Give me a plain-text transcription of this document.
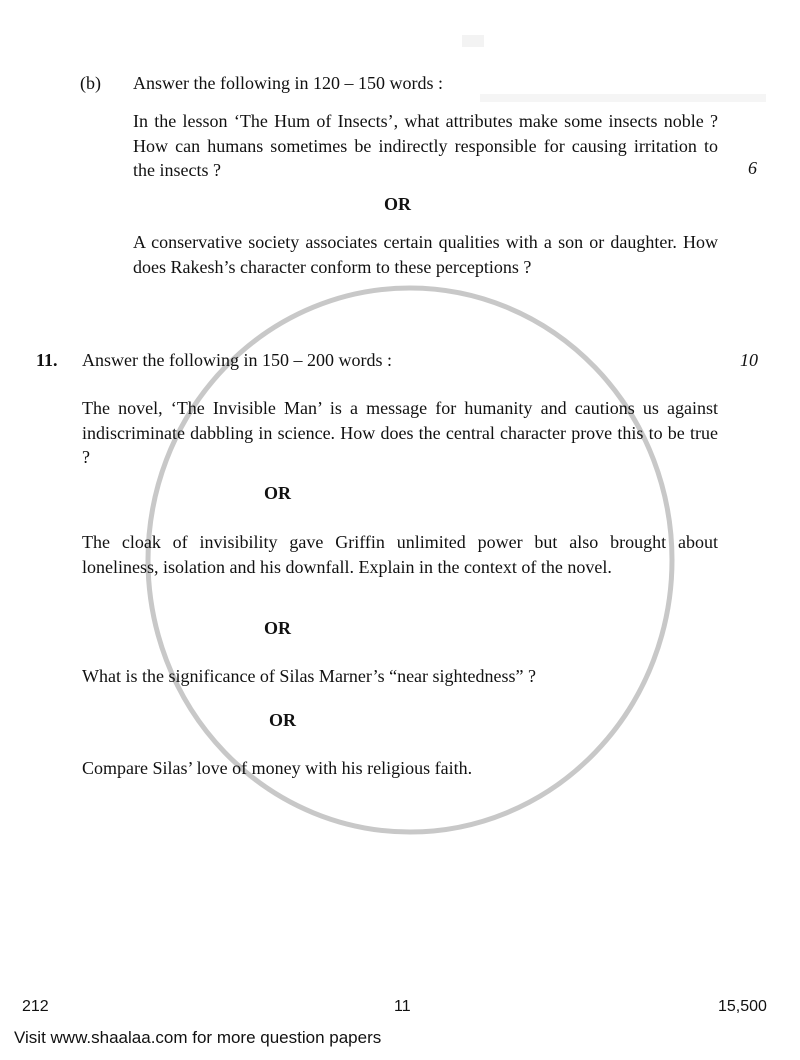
(b) Answer the following in 120 – 150 words :
In the lesson ‘The Hum of Insects’, what attributes make some insects noble ? How can humans sometimes be indirectly responsible for causing irritation to the insects ?	6
OR
A conservative society associates certain qualities with a son or daughter. How does Rakesh’s character conform to these perceptions ?
11. Answer the following in 150 – 200 words :	10
The novel, ‘The Invisible Man’ is a message for humanity and cautions us against indiscriminate dabbling in science. How does the central character prove this to be true ?
OR
The cloak of invisibility gave Griffin unlimited power but also brought about loneliness, isolation and his downfall. Explain in the context of the novel.
OR
What is the significance of Silas Marner’s “near sightedness” ?
OR
Compare Silas’ love of money with his religious faith.
212	11	15,500
Visit www.shaalaa.com for more question papers
